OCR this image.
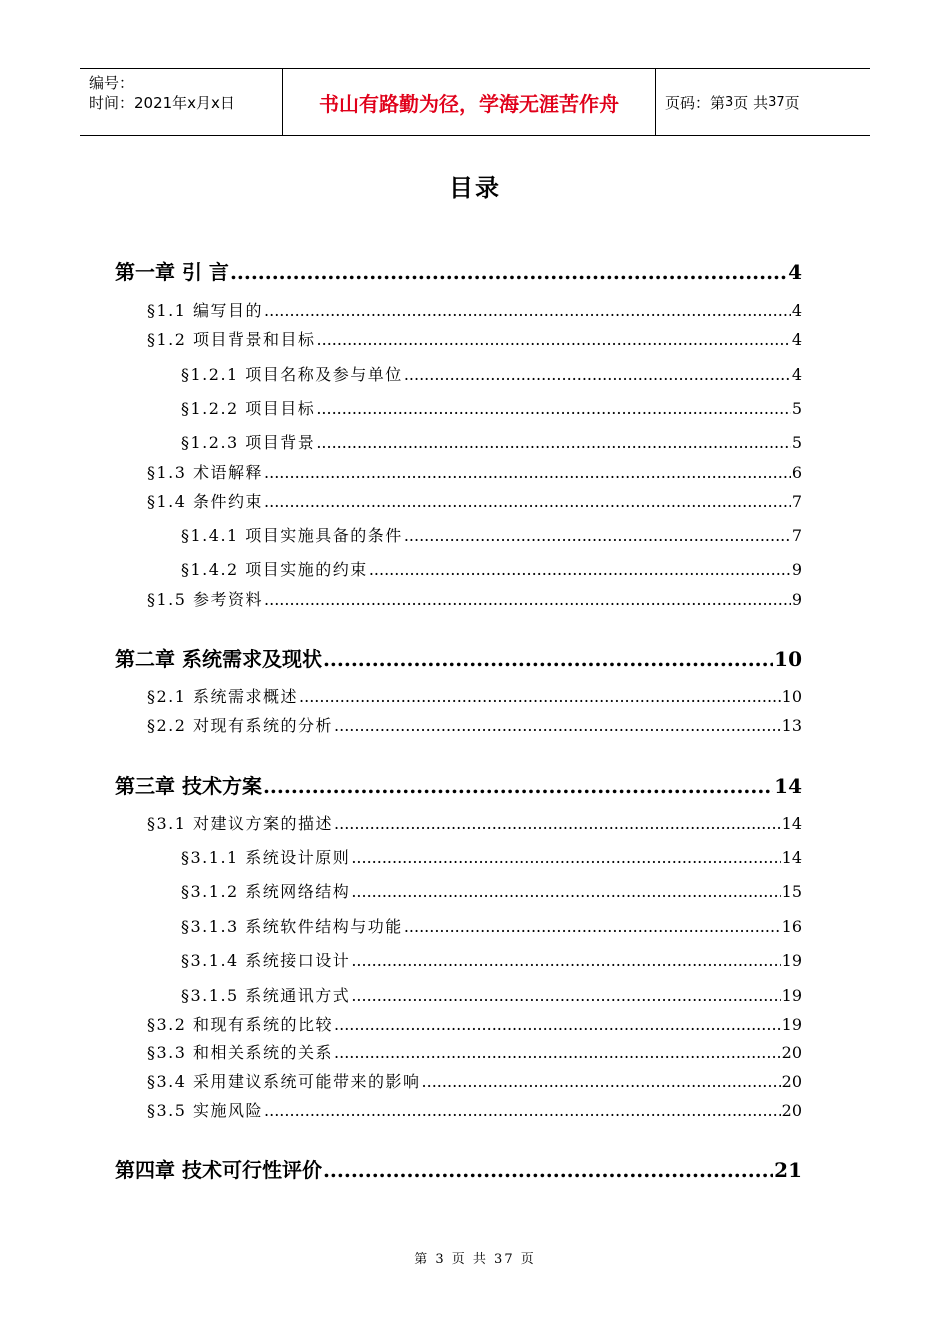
编号：
时间：2021年x月x日	书山有路勤为径，学海无涯苦作舟	页码：第 3 页 共 37 页
目录
第一章 引 言 .....	4
§1.1 编写目的 .....	4
§1.2 项目背景和目标 .....	4
§1.2.1 项目名称及参与单位 .....	4
§1.2.2 项目目标 .....	5
§1.2.3 项目背景 .....	5
§1.3 术语解释 .....	6
§1.4 条件约束 .....	7
§1.4.1 项目实施具备的条件 .....	7
§1.4.2 项目实施的约束 .....	9
§1.5 参考资料 .....	9
第二章 系统需求及现状 .....	10
§2.1 系统需求概述 .....	10
§2.2 对现有系统的分析 .....	13
第三章 技术方案 .....	14
§3.1 对建议方案的描述 .....	14
§3.1.1 系统设计原则 .....	14
§3.1.2 系统网络结构 .....	15
§3.1.3 系统软件结构与功能 .....	16
§3.1.4 系统接口设计 .....	19
§3.1.5 系统通讯方式 .....	19
§3.2 和现有系统的比较 .....	19
§3.3 和相关系统的关系 .....	20
§3.4 采用建议系统可能带来的影响 .....	20
§3.5 实施风险 .....	20
第四章 技术可行性评价 .....	21
第 3 页 共 37 页
